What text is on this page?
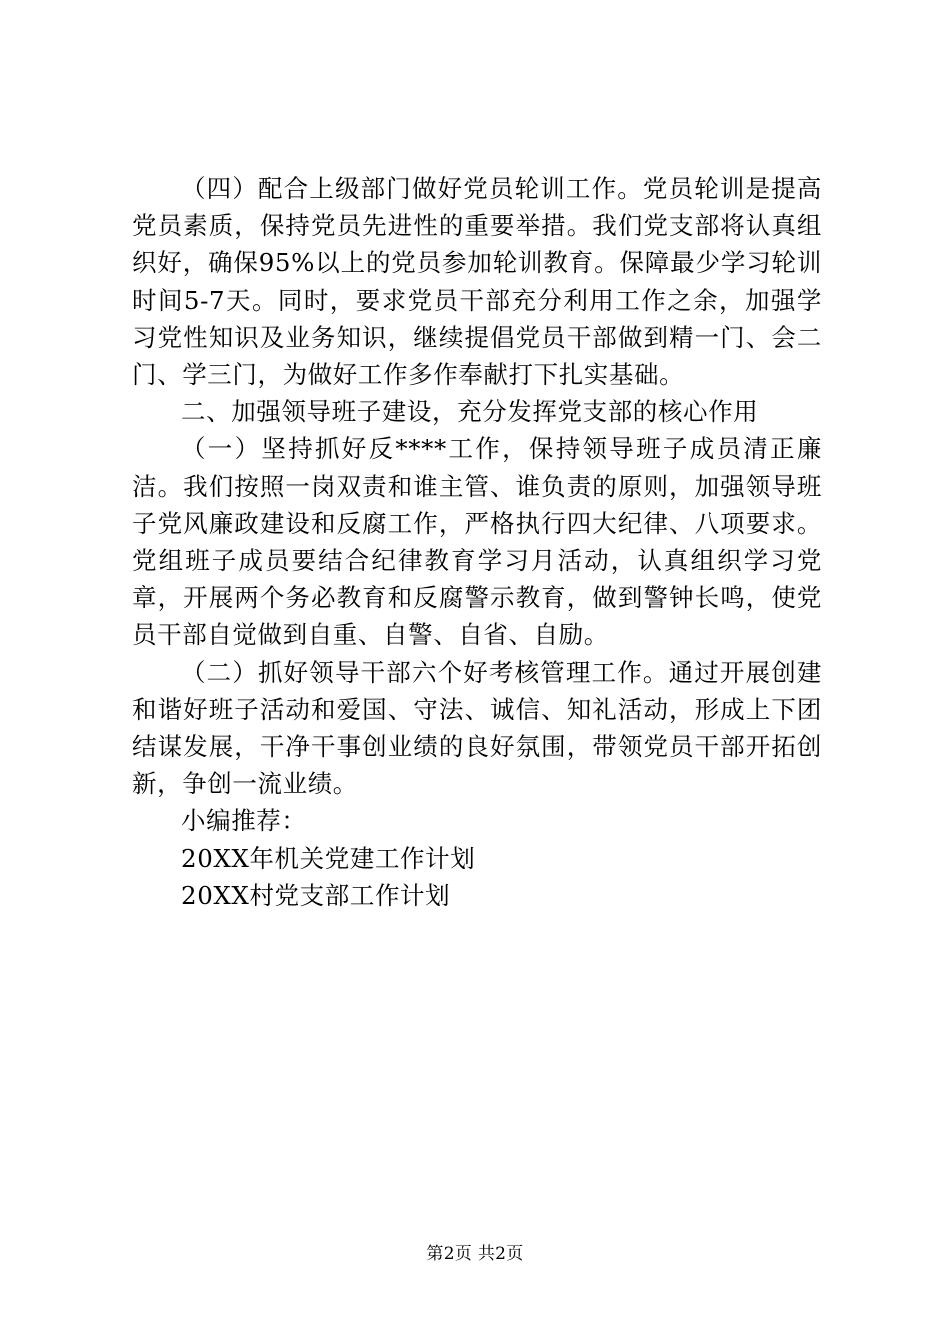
（四）配合上级部门做好党员轮训工作。党员轮训是提高党员素质，保持党员先进性的重要举措。我们党支部将认真组织好，确保95%以上的党员参加轮训教育。保障最少学习轮训时间5-7天。同时，要求党员干部充分利用工作之余，加强学习党性知识及业务知识，继续提倡党员干部做到精一门、会二门、学三门，为做好工作多作奉献打下扎实基础。

二、加强领导班子建设，充分发挥党支部的核心作用

（一）坚持抓好反****工作，保持领导班子成员清正廉洁。我们按照一岗双责和谁主管、谁负责的原则，加强领导班子党风廉政建设和反腐工作，严格执行四大纪律、八项要求。党组班子成员要结合纪律教育学习月活动，认真组织学习党章，开展两个务必教育和反腐警示教育，做到警钟长鸣，使党员干部自觉做到自重、自警、自省、自励。

（二）抓好领导干部六个好考核管理工作。通过开展创建和谐好班子活动和爱国、守法、诚信、知礼活动，形成上下团结谋发展，干净干事创业绩的良好氛围，带领党员干部开拓创新，争创一流业绩。

小编推荐：

20XX年机关党建工作计划

20XX村党支部工作计划

第2页 共2页
